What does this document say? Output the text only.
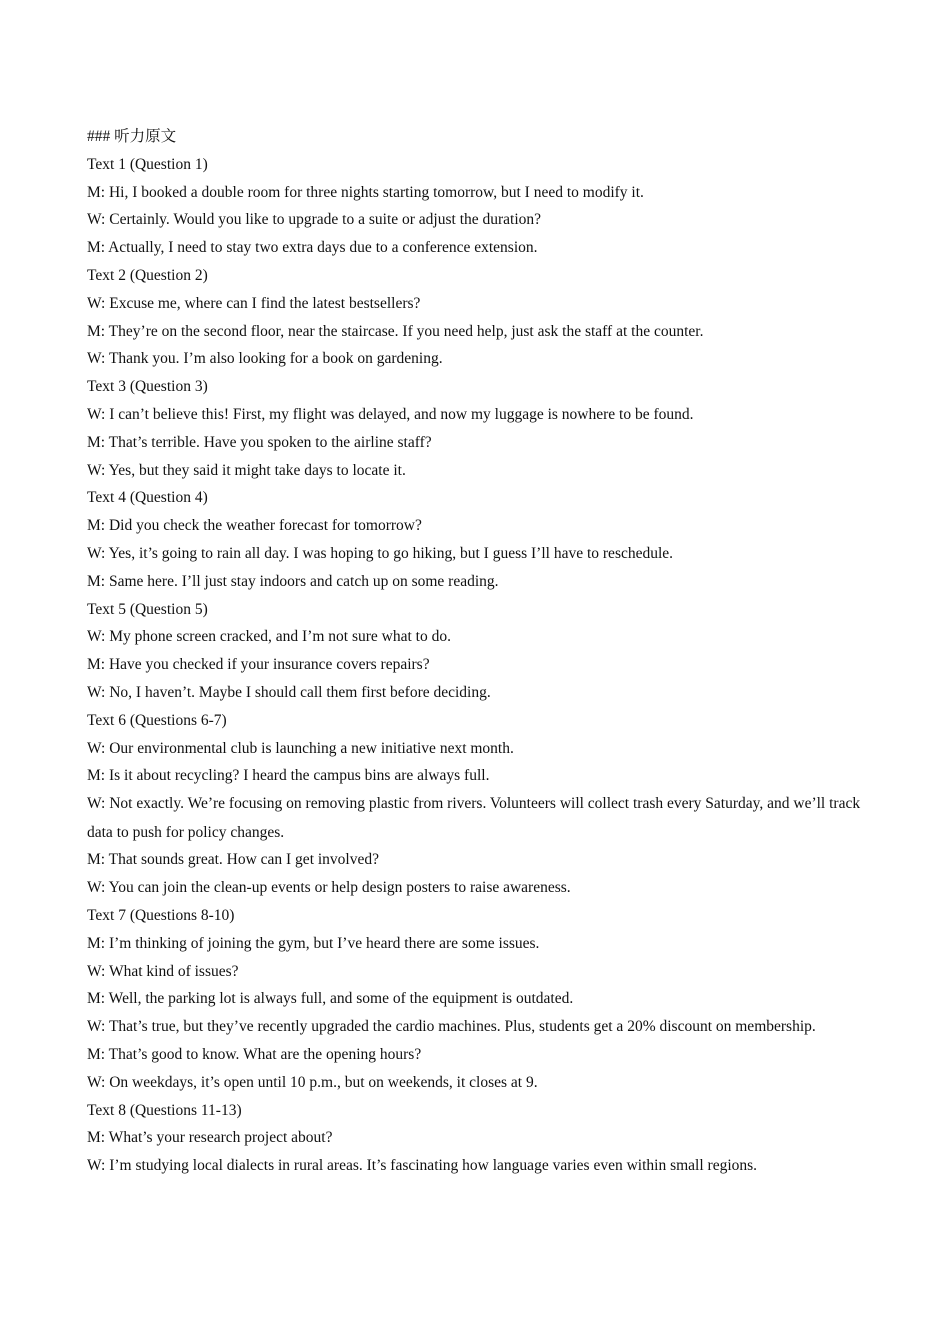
### 听力原文
Text 1 (Question 1)
M: Hi, I booked a double room for three nights starting tomorrow, but I need to modify it.
W: Certainly. Would you like to upgrade to a suite or adjust the duration?
M: Actually, I need to stay two extra days due to a conference extension.
Text 2 (Question 2)
W: Excuse me, where can I find the latest bestsellers?
M: They’re on the second floor, near the staircase. If you need help, just ask the staff at the counter.
W: Thank you. I’m also looking for a book on gardening.
Text 3 (Question 3)
W: I can’t believe this! First, my flight was delayed, and now my luggage is nowhere to be found.
M: That’s terrible. Have you spoken to the airline staff?
W: Yes, but they said it might take days to locate it.
Text 4 (Question 4)
M: Did you check the weather forecast for tomorrow?
W: Yes, it’s going to rain all day. I was hoping to go hiking, but I guess I’ll have to reschedule.
M: Same here. I’ll just stay indoors and catch up on some reading.
Text 5 (Question 5)
W: My phone screen cracked, and I’m not sure what to do.
M: Have you checked if your insurance covers repairs?
W: No, I haven’t. Maybe I should call them first before deciding.
Text 6 (Questions 6-7)
W: Our environmental club is launching a new initiative next month.
M: Is it about recycling? I heard the campus bins are always full.
W: Not exactly. We’re focusing on removing plastic from rivers. Volunteers will collect trash every Saturday, and we’ll track data to push for policy changes.
M: That sounds great. How can I get involved?
W: You can join the clean-up events or help design posters to raise awareness.
Text 7 (Questions 8-10)
M: I’m thinking of joining the gym, but I’ve heard there are some issues.
W: What kind of issues?
M: Well, the parking lot is always full, and some of the equipment is outdated.
W: That’s true, but they’ve recently upgraded the cardio machines. Plus, students get a 20% discount on membership.
M: That’s good to know. What are the opening hours?
W: On weekdays, it’s open until 10 p.m., but on weekends, it closes at 9.
Text 8 (Questions 11-13)
M: What’s your research project about?
W: I’m studying local dialects in rural areas. It’s fascinating how language varies even within small regions.
